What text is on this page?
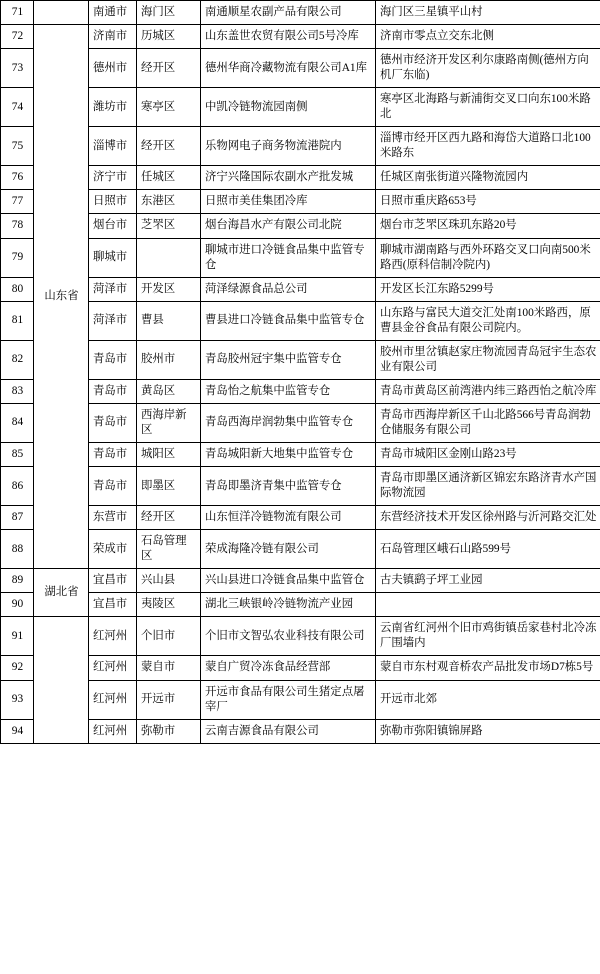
71		南通市	海门区	南通顺星农副产品有限公司	海门区三星镇平山村
72	山东省	济南市	历城区	山东盖世农贸有限公司5号冷库	济南市零点立交东北侧
73		德州市	经开区	德州华商冷藏物流有限公司A1库	德州市经济开发区利尔康路南侧(德州方向机厂东临)
74		潍坊市	寒亭区	中凯冷链物流园南侧	寒亭区北海路与新浦街交叉口向东100米路北
75		淄博市	经开区	乐物网电子商务物流港院内	淄博市经开区西九路和海岱大道路口北100米路东
76		济宁市	任城区	济宁兴隆国际农副水产批发城	任城区南张街道兴隆物流园内
77		日照市	东港区	日照市美佳集团冷库	日照市重庆路653号
78		烟台市	芝罘区	烟台海昌水产有限公司北院	烟台市芝罘区珠玑东路20号
79		聊城市		聊城市进口冷链食品集中监管专仓	聊城市湖南路与西外环路交叉口向南500米路西(原科信制冷院内)
80		菏泽市	开发区	菏泽绿源食品总公司	开发区长江东路5299号
81		菏泽市	曹县	曹县进口冷链食品集中监管专仓	山东路与富民大道交汇处南100米路西，原曹县金谷食品有限公司院内。
82		青岛市	胶州市	青岛胶州冠宇集中监管专仓	胶州市里岔镇赵家庄物流园青岛冠宇生态农业有限公司
83		青岛市	黄岛区	青岛怡之航集中监管专仓	青岛市黄岛区前湾港内纬三路西怡之航冷库
84		青岛市	西海岸新区	青岛西海岸润勃集中监管专仓	青岛市西海岸新区千山北路566号青岛润勃仓储服务有限公司
85		青岛市	城阳区	青岛城阳新大地集中监管专仓	青岛市城阳区金刚山路23号
86		青岛市	即墨区	青岛即墨济青集中监管专仓	青岛市即墨区通济新区锦宏东路济青水产国际物流园
87		东营市	经开区	山东恒洋冷链物流有限公司	东营经济技术开发区徐州路与沂河路交汇处
88		荣成市	石岛管理区	荣成海隆冷链有限公司	石岛管理区峨石山路599号
89	湖北省	宜昌市	兴山县	兴山县进口冷链食品集中监管仓	古夫镇鹞子坪工业园
90		宜昌市	夷陵区	湖北三峡银岭冷链物流产业园	
91		红河州	个旧市	个旧市文智弘农业科技有限公司	云南省红河州个旧市鸡街镇岳家巷村北冷冻厂围墙内
92		红河州	蒙自市	蒙自广贸冷冻食品经营部	蒙自市东村观音桥农产品批发市场D7栋5号
93		红河州	开远市	开远市食品有限公司生猪定点屠宰厂	开远市北郊
94		红河州	弥勒市	云南吉源食品有限公司	弥勒市弥阳镇锦屏路
